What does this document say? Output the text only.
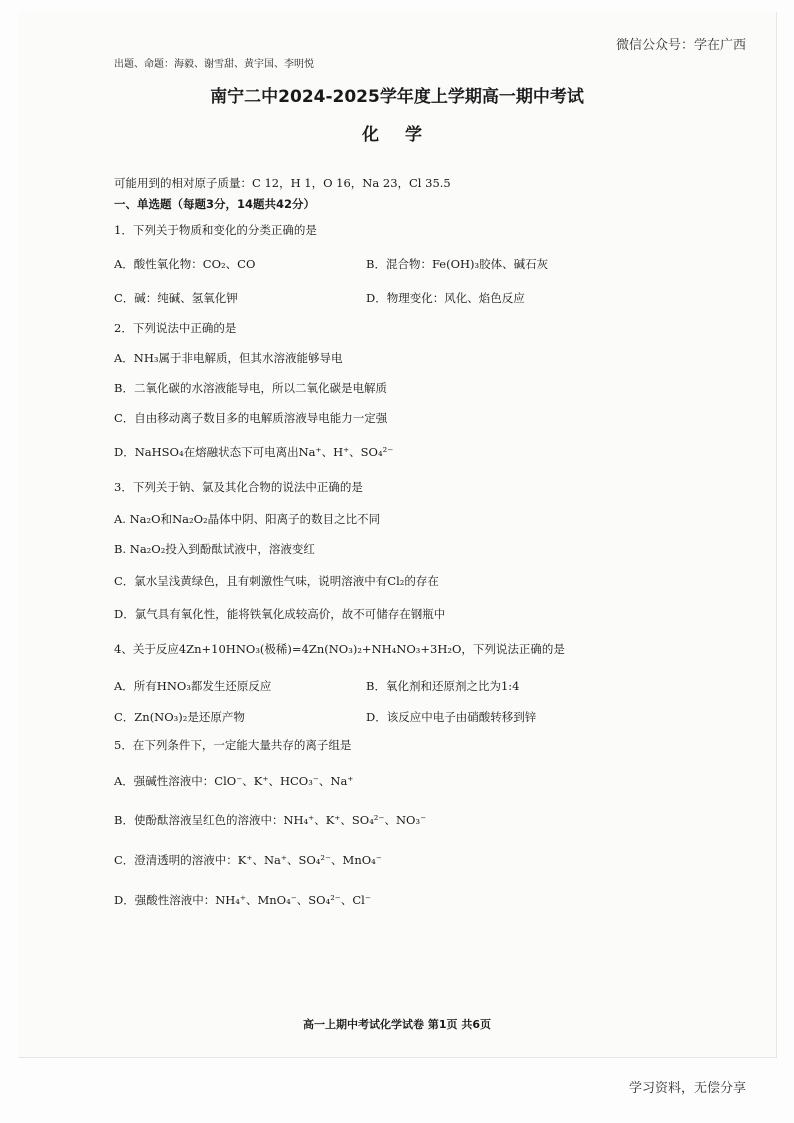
微信公众号：学在广西
出题、命题：海毅、谢雪甜、黄宇国、李明悦
南宁二中2024-2025学年度上学期高一期中考试
化 学
可能用到的相对原子质量：C 12，H 1，O 16，Na 23，Cl 35.5
一、单选题（每题3分，14题共42分）
1．下列关于物质和变化的分类正确的是
A．酸性氧化物：CO₂、CO	B．混合物：Fe(OH)₃胶体、碱石灰
C．碱：纯碱、氢氧化钾	D．物理变化：风化、焰色反应
2．下列说法中正确的是
A．NH₃属于非电解质，但其水溶液能够导电
B．二氧化碳的水溶液能导电，所以二氧化碳是电解质
C．自由移动离子数目多的电解质溶液导电能力一定强
D．NaHSO₄在熔融状态下可电离出Na⁺、H⁺、SO₄²⁻
3．下列关于钠、氯及其化合物的说法中正确的是
A. Na₂O和Na₂O₂晶体中阴、阳离子的数目之比不同
B. Na₂O₂投入到酚酞试液中，溶液变红
C．氯水呈浅黄绿色，且有刺激性气味，说明溶液中有Cl₂的存在
D．氯气具有氧化性，能将铁氧化成较高价，故不可储存在钢瓶中
4、关于反应4Zn+10HNO₃(极稀)=4Zn(NO₃)₂+NH₄NO₃+3H₂O，下列说法正确的是
A．所有HNO₃都发生还原反应	B．氧化剂和还原剂之比为1:4
C．Zn(NO₃)₂是还原产物	D．该反应中电子由硝酸转移到锌
5．在下列条件下，一定能大量共存的离子组是
A．强碱性溶液中：ClO⁻、K⁺、HCO₃⁻、Na⁺
B．使酚酞溶液呈红色的溶液中：NH₄⁺、K⁺、SO₄²⁻、NO₃⁻
C．澄清透明的溶液中：K⁺、Na⁺、SO₄²⁻、MnO₄⁻
D．强酸性溶液中：NH₄⁺、MnO₄⁻、SO₄²⁻、Cl⁻
高一上期中考试化学试卷 第1页 共6页
学习资料，无偿分享
